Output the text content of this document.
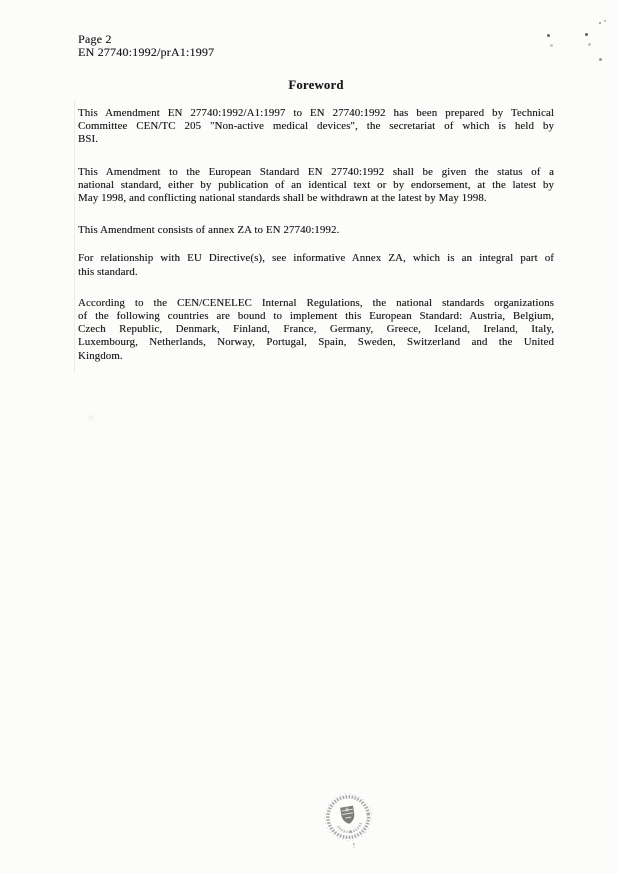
Page 2
EN 27740:1992/prA1:1997
Foreword
This Amendment EN 27740:1992/A1:1997 to EN 27740:1992 has been prepared by Technical
Committee CEN/TC 205 "Non-active medical devices", the secretariat of which is held by
BSI.
This Amendment to the European Standard EN 27740:1992 shall be given the status of a
national standard, either by publication of an identical text or by endorsement, at the latest by
May 1998, and conflicting national standards shall be withdrawn at the latest by May 1998.
This Amendment consists of annex ZA to EN 27740:1992.
For relationship with EU Directive(s), see informative Annex ZA, which is an integral part of
this standard.
According to the CEN/CENELEC Internal Regulations, the national standards organizations
of the following countries are bound to implement this European Standard: Austria, Belgium,
Czech Republic, Denmark, Finland, France, Germany, Greece, Iceland, Ireland, Italy,
Luxembourg, Netherlands, Norway, Portugal, Spain, Sweden, Switzerland and the United
Kingdom.
